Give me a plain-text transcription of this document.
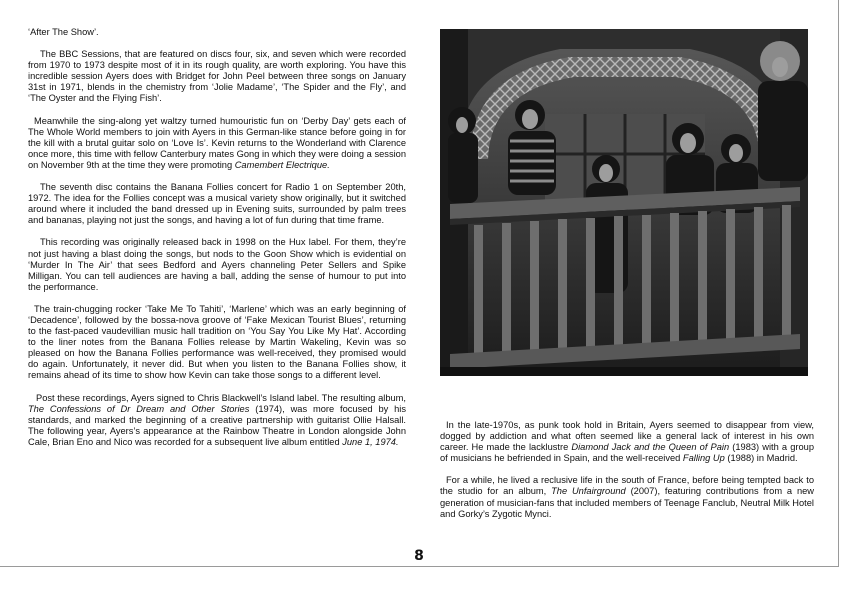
‘After The Show’.

The BBC Sessions, that are featured on discs four, six, and seven which were recorded from 1970 to 1973 despite most of it in its rough quality, are worth exploring. You have this incredible session Ayers does with Bridget for John Peel between three songs on January 31st in 1971, blends in the chemistry from ‘Jolie Madame’, ‘The Spider and the Fly’, and ‘The Oyster and the Flying Fish’.

Meanwhile the sing-along yet waltzy turned humouristic fun on ‘Derby Day’ gets each of The Whole World members to join with Ayers in this German-like stance before going in for the kill with a brutal guitar solo on ‘Love Is’. Kevin returns to the Wonderland with Clarence once more, this time with fellow Canterbury mates Gong in which they were doing a session on November 9th at the time they were promoting Camembert Electrique.

The seventh disc contains the Banana Follies concert for Radio 1 on September 20th, 1972. The idea for the Follies concept was a musical variety show originally, but it switched around where it included the band dressed up in Evening suits, surrounded by palm trees and bananas, playing not just the songs, and having a lot of fun during that time frame.

This recording was originally released back in 1998 on the Hux label. For them, they’re not just having a blast doing the songs, but nods to the Goon Show which is evidential on ‘Murder In The Air’ that sees Bedford and Ayers channeling Peter Sellers and Spike Milligan. You can tell audiences are having a ball, adding the sense of humour to put into the performance.

The train-chugging rocker ‘Take Me To Tahiti’, ‘Marlene’ which was an early beginning of ‘Decadence’, followed by the bossa-nova groove of ‘Fake Mexican Tourist Blues’, returning to the fast-paced vaudevillian music hall tradition on ‘You Say You Like My Hat’. According to the liner notes from the Banana Follies release by Martin Wakeling, Kevin was so pleased on how the Banana Follies performance was well-received, they promised would do again. Unfortunately, it never did. But when you listen to the Banana Follies show, it remains ahead of its time to show how Kevin can take those songs to a different level.

Post these recordings, Ayers signed to Chris Blackwell’s Island label. The resulting album, The Confessions of Dr Dream and Other Stories (1974), was more focused by his standards, and marked the beginning of a creative partnership with guitarist Ollie Halsall. The following year, Ayers’s appearance at the Rainbow Theatre in London alongside John Cale, Brian Eno and Nico was recorded for a subsequent live album entitled June 1, 1974.

In the late-1970s, as punk took hold in Britain, Ayers seemed to disappear from view, dogged by addiction and what often seemed like a general lack of interest in his own career. He made the lacklustre Diamond Jack and the Queen of Pain (1983) with a group of musicians he befriended in Spain, and the well-received Falling Up (1988) in Madrid.

For a while, he lived a reclusive life in the south of France, before being tempted back to the studio for an album, The Unfairground (2007), featuring contributions from a new generation of musician-fans that included members of Teenage Fanclub, Neutral Milk Hotel and Gorky’s Zygotic Mynci.

8
